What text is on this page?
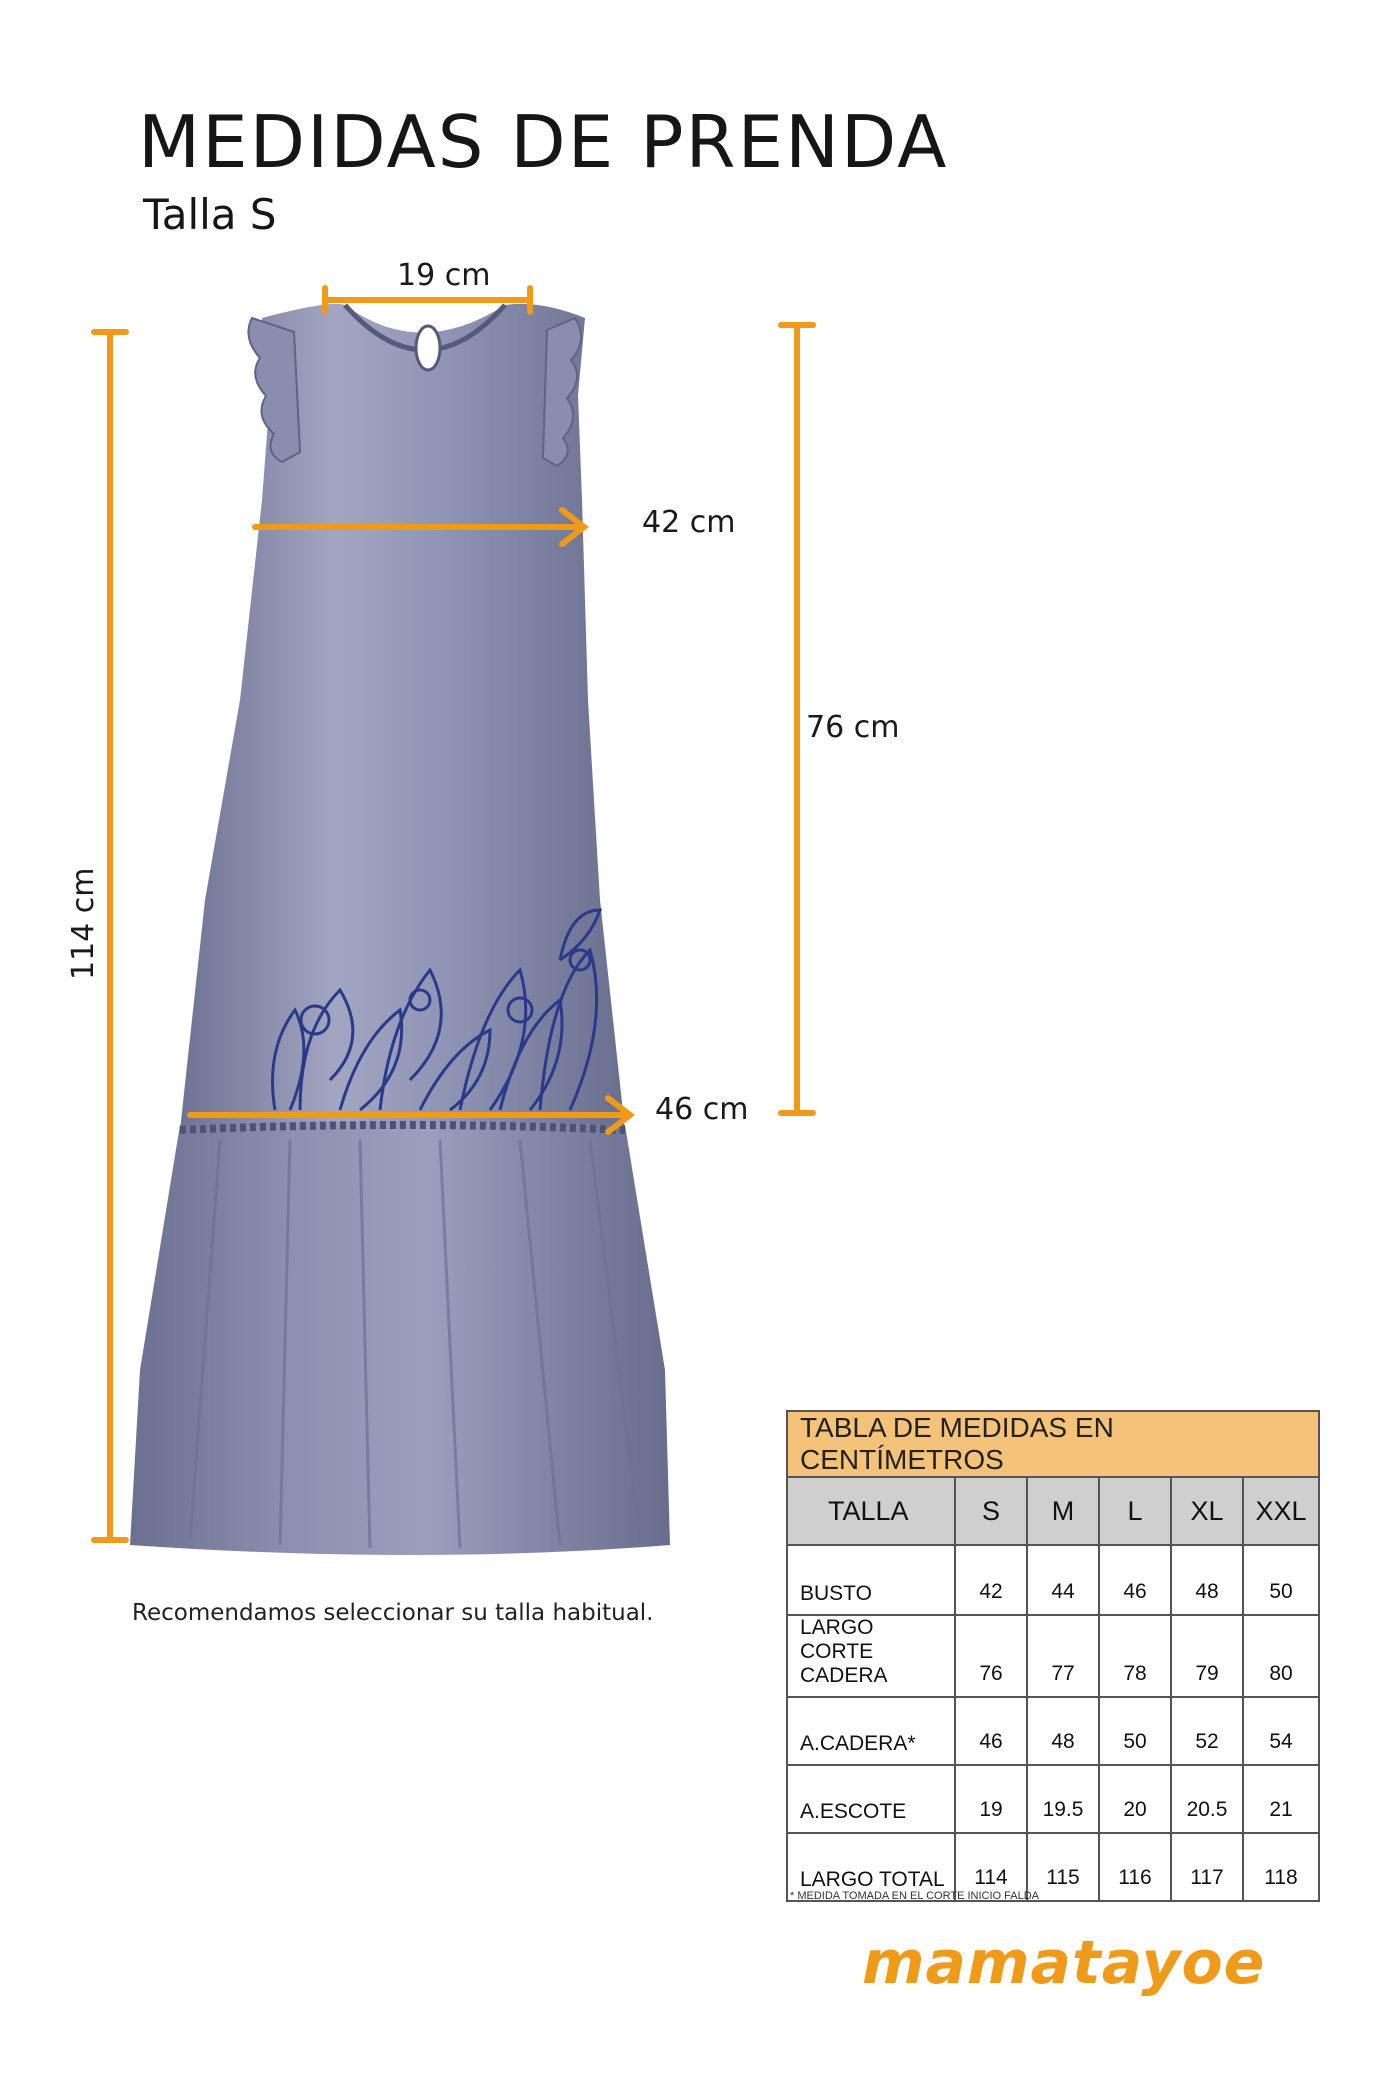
MEDIDAS DE PRENDA
Talla S
19 cm
42 cm
76 cm
46 cm
114 cm
Recomendamos seleccionar su talla habitual.
TABLA DE MEDIDAS EN CENTÍMETROS					
TALLA	S	M	L	XL	XXL
BUSTO	42	44	46	48	50
LARGO CORTE CADERA	76	77	78	79	80
A.CADERA*	46	48	50	52	54
A.ESCOTE	19	19.5	20	20.5	21
LARGO TOTAL	114	115	116	117	118
* MEDIDA TOMADA EN EL CORTE INICIO FALDA
mamatayoe
